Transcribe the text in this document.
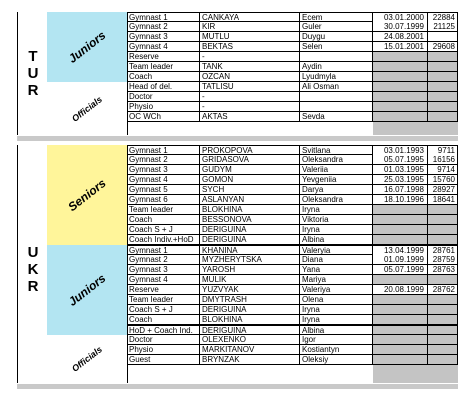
T
U
R
Juniors
Officials
Gymnast 1	CANKAYA	Ecem	03.01.2000	22884
Gymnast 2	KIR	Guler	30.07.1999	21125
Gymnast 3	MUTLU	Duygu	24.08.2001
Gymnast 4	BEKTAS	Selen	15.01.2001	29608
Reserve	-
Team leader	TANK	Aydin
Coach	OZCAN	Lyudmyla
Head of del.	TATLISU	Ali Osman
Doctor	-
Physio	-
OC WCh	AKTAS	Sevda
U
K
R
Seniors
Juniors
Officials
Gymnast 1	PROKOPOVA	Svitlana	03.01.1993	9711
Gymnast 2	GRIDASOVA	Oleksandra	05.07.1995	16156
Gymnast 3	GUDYM	Valeriia	01.03.1995	9714
Gymnast 4	GOMON	Yevgeniia	25.03.1995	15760
Gymnast 5	SYCH	Darya	16.07.1998	28927
Gymnast 6	ASLANYAN	Oleksandra	18.10.1996	18641
Team leader	BLOKHINA	Iryna
Coach	BESSONOVA	Viktoria
Coach S + J	DERIGUINA	Iryna
Coach Indiv.+HoD	DERIGUINA	Albina
Gymnast 1	KHANINA	Valeryia	13.04.1999	28761
Gymnast 2	MYZHERYTSKA	Diana	01.09.1999	28759
Gymnast 3	YAROSH	Yana	05.07.1999	28763
Gymnast 4	MULIK	Mariya
Reserve	YUZVYAK	Valeriya	20.08.1999	28762
Team leader	DMYTRASH	Olena
Coach S + J	DERIGUINA	Iryna
Coach	BLOKHINA	Iryna
HoD + Coach Ind.	DERIGUINA	Albina
Doctor	OLEXENKO	Igor
Physio	MARKITANOV	Kostiantyn
Guest	BRYNZAK	Oleksiy
